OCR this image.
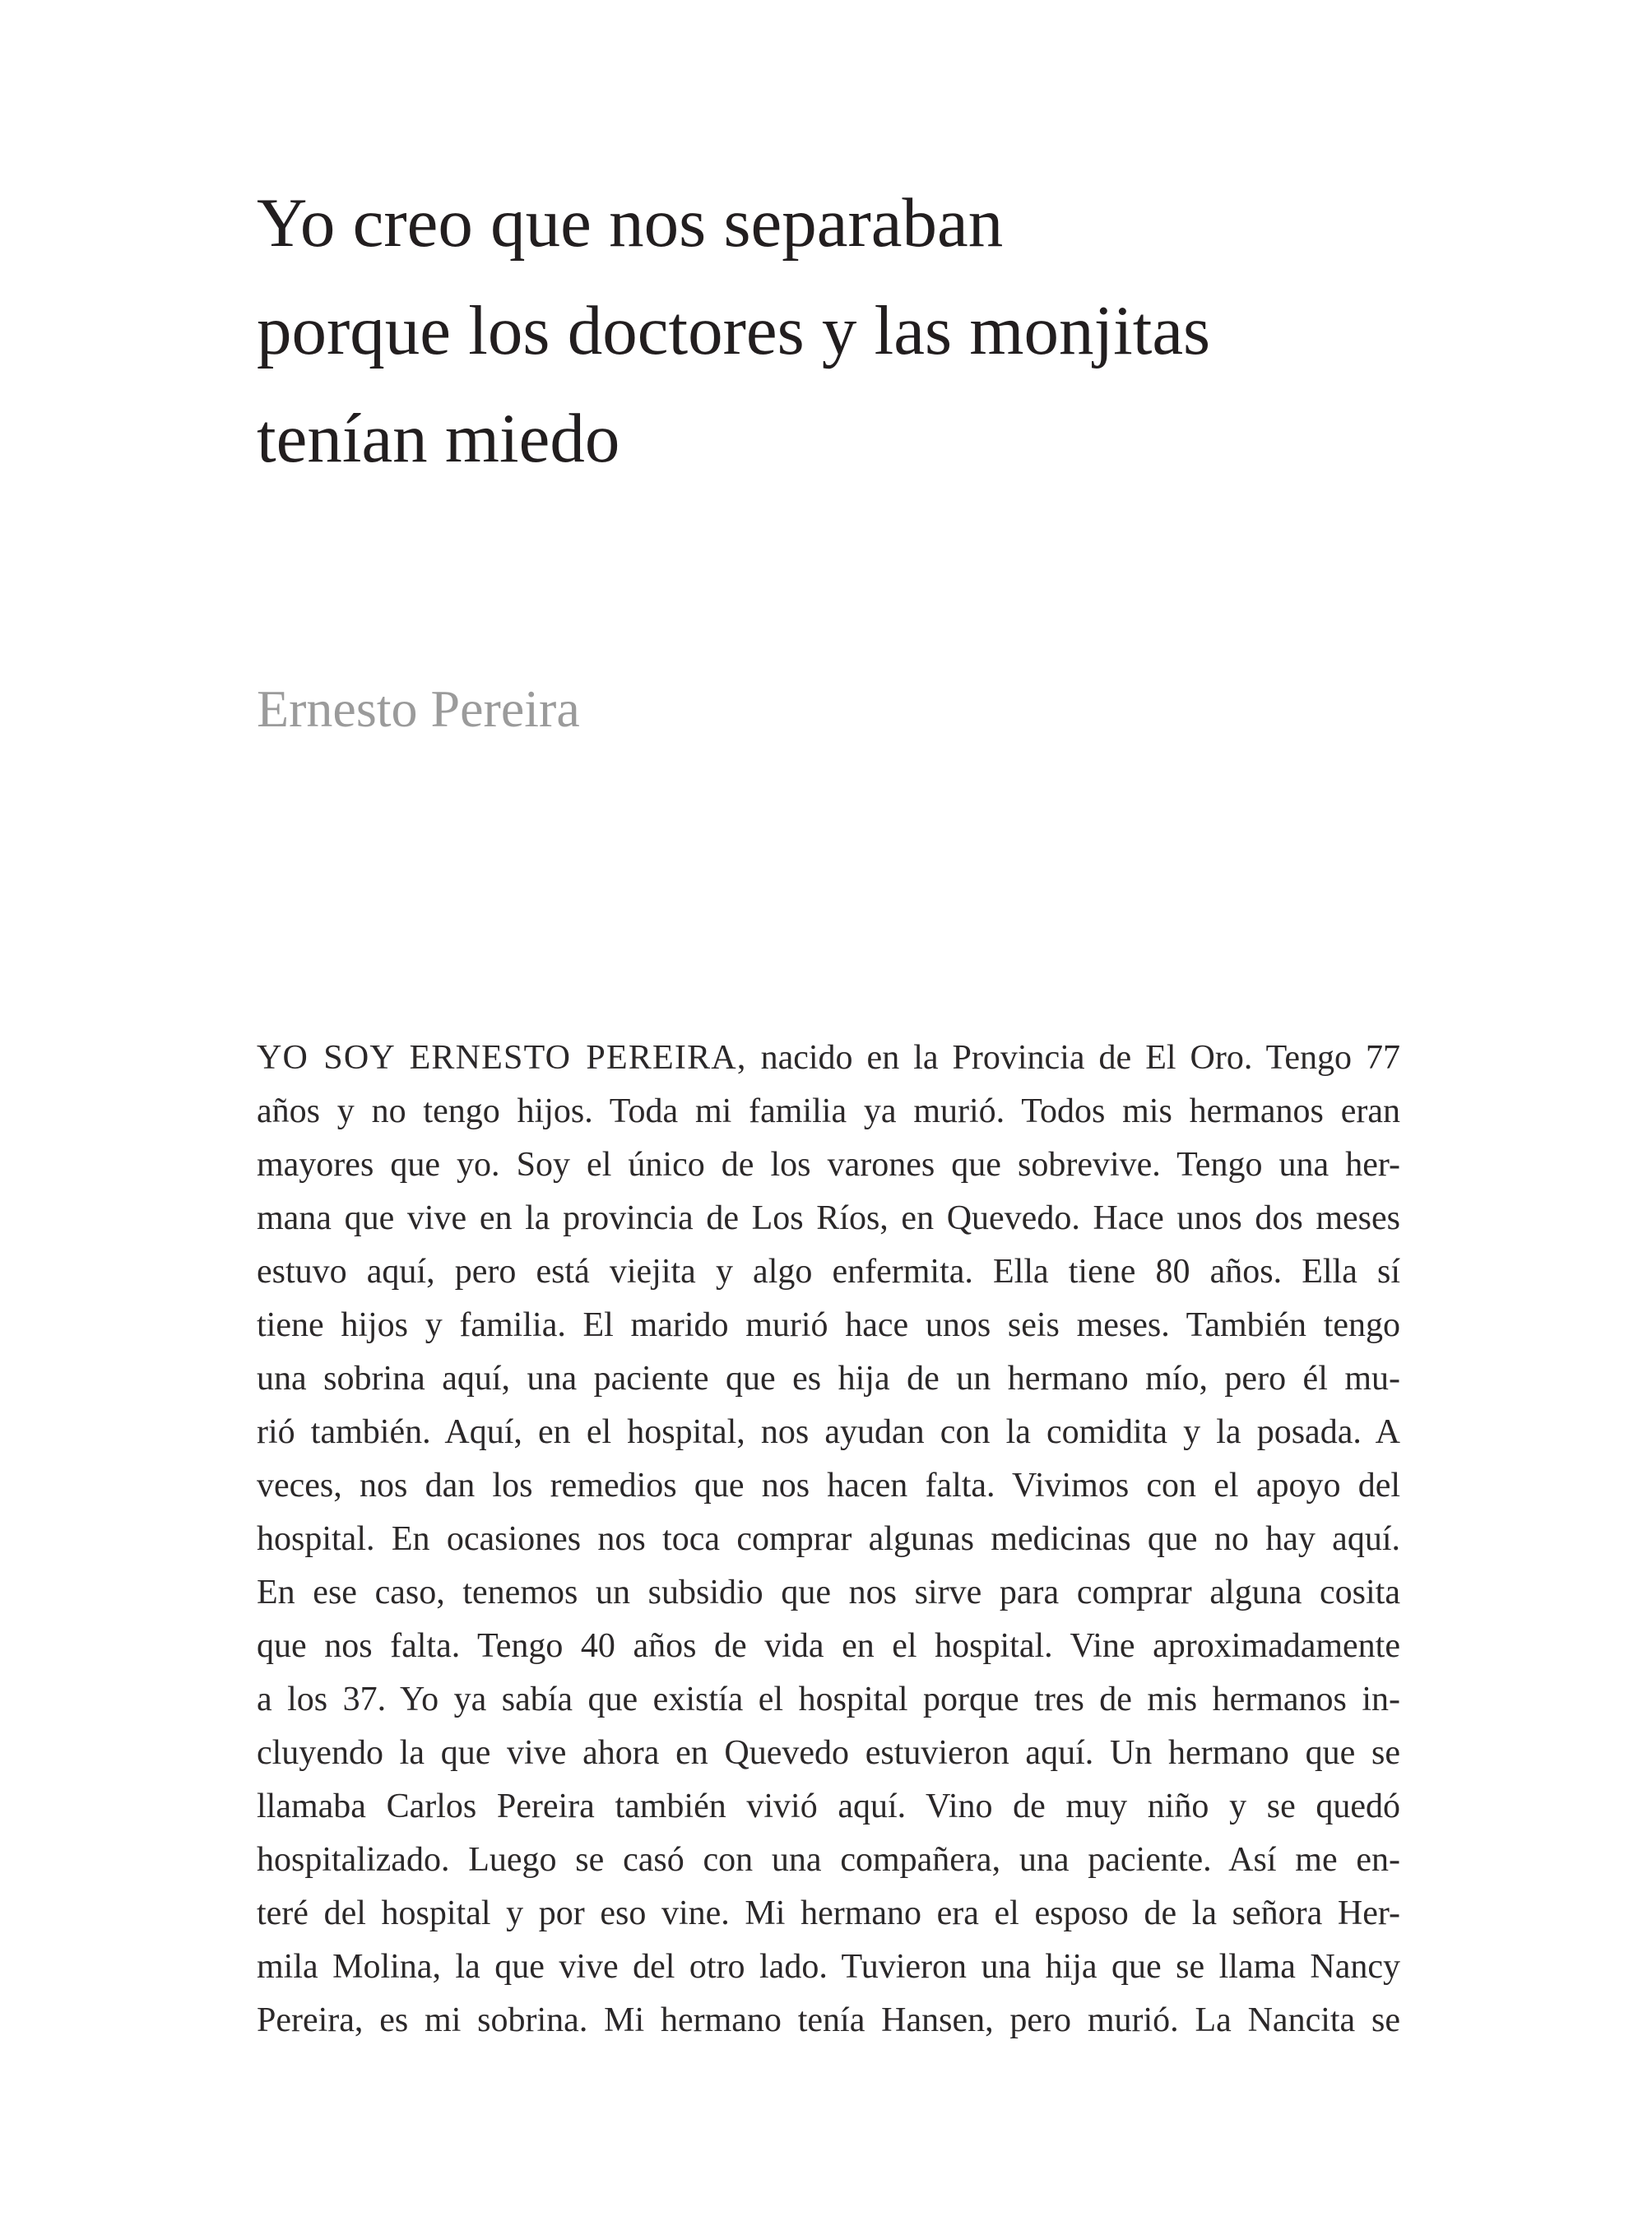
Yo creo que nos separaban
porque los doctores y las monjitas
tenían miedo
Ernesto Pereira
YO SOY ERNESTO PEREIRA, nacido en la Provincia de El Oro. Tengo 77
años y no tengo hijos. Toda mi familia ya murió. Todos mis hermanos eran
mayores que yo. Soy el único de los varones que sobrevive. Tengo una her-
mana que vive en la provincia de Los Ríos, en Quevedo. Hace unos dos meses
estuvo aquí, pero está viejita y algo enfermita. Ella tiene 80 años. Ella sí
tiene hijos y familia. El marido murió hace unos seis meses. También tengo
una sobrina aquí, una paciente que es hija de un hermano mío, pero él mu-
rió también. Aquí, en el hospital, nos ayudan con la comidita y la posada. A
veces, nos dan los remedios que nos hacen falta. Vivimos con el apoyo del
hospital. En ocasiones nos toca comprar algunas medicinas que no hay aquí.
En ese caso, tenemos un subsidio que nos sirve para comprar alguna cosita
que nos falta. Tengo 40 años de vida en el hospital. Vine aproximadamente
a los 37. Yo ya sabía que existía el hospital porque tres de mis hermanos in-
cluyendo la que vive ahora en Quevedo estuvieron aquí. Un hermano que se
llamaba Carlos Pereira también vivió aquí. Vino de muy niño y se quedó
hospitalizado. Luego se casó con una compañera, una paciente. Así me en-
teré del hospital y por eso vine. Mi hermano era el esposo de la señora Her-
mila Molina, la que vive del otro lado. Tuvieron una hija que se llama Nancy
Pereira, es mi sobrina. Mi hermano tenía Hansen, pero murió. La Nancita se
